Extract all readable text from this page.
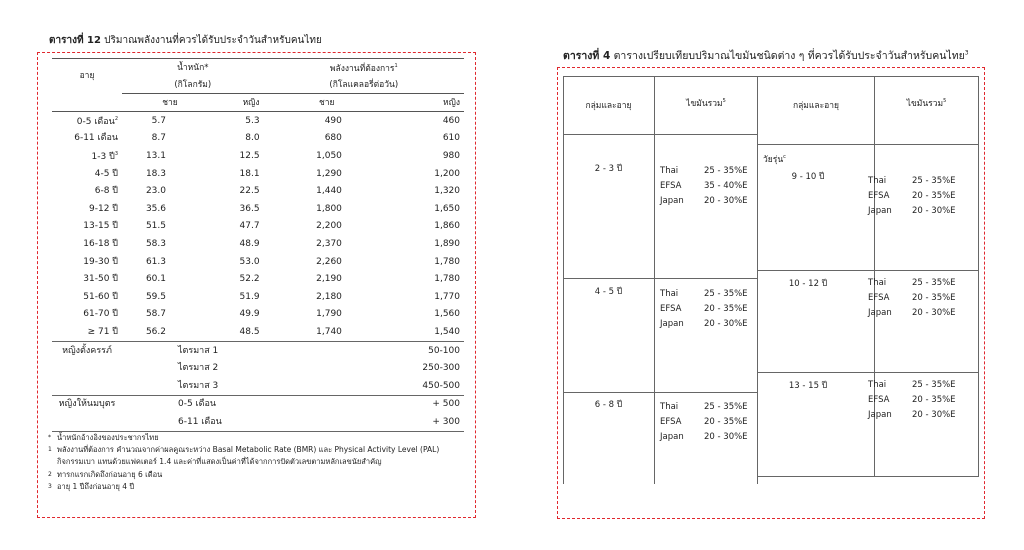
ตารางที่ 12 ปริมาณพลังงานที่ควรได้รับประจำวันสำหรับคนไทย
อายุ	น้ำหนัก*		พลังงานที่ต้องการ$^1$
	(กิโลกรัม)		(กิโลแคลอรี่ต่อวัน)	
	ชาย	หญิง	ชาย	หญิง
0-5 เดือน$^2$	5.7	5.3	490	460
6-11 เดือน	8.7	8.0	680	610
1-3 ปี$^3$	13.1	12.5	1,050	980
4-5 ปี	18.3	18.1	1,290	1,200
6-8 ปี	23.0	22.5	1,440	1,320
9-12 ปี	35.6	36.5	1,800	1,650
13-15 ปี	51.5	47.7	2,200	1,860
16-18 ปี	58.3	48.9	2,370	1,890
19-30 ปี	61.3	53.0	2,260	1,780
31-50 ปี	60.1	52.2	2,190	1,780
51-60 ปี	59.5	51.9	2,180	1,770
61-70 ปี	58.7	49.9	1,790	1,560
≥ 71 ปี	56.2	48.5	1,740	1,540
หญิงตั้งครรภ์	ไตรมาส 1			50-100
	ไตรมาส 2			250-300
	ไตรมาส 3			450-500
หญิงให้นมบุตร	0-5 เดือน			+ 500
	6-11 เดือน			+ 300
* น้ำหนักอ้างอิงของประชากรไทย
1 พลังงานที่ต้องการ คำนวณจากค่าผลคูณระหว่าง Basal Metabolic Rate (BMR) และ Physical Activity Level (PAL)
กิจกรรมเบา แทนด้วยแฟคเตอร์ 1.4 และค่าที่แสดงเป็นค่าที่ได้จากการปัดตัวเลขตามหลักเลขนัยสำคัญ
2 ทารกแรกเกิดถึงก่อนอายุ 6 เดือน
3 อายุ 1 ปีถึงก่อนอายุ 4 ปี
ตารางที่ 4 ตารางเปรียบเทียบปริมาณไขมันชนิดต่าง ๆ ที่ควรได้รับประจำวันสำหรับคนไทย$^3$
กลุ่มและอายุ	ไขมันรวม$^5$	กลุ่มและอายุ	ไขมันรวม$^5$
วัยรุ่น$^c$
2 - 3 ปี	Thai	25 - 35%E
EFSA	35 - 40%E
Japan	20 - 30%E
4 - 5 ปี	Thai	25 - 35%E
EFSA	20 - 35%E
Japan	20 - 30%E
6 - 8 ปี	Thai	25 - 35%E
EFSA	20 - 35%E
Japan	20 - 30%E
9 - 10 ปี	Thai	25 - 35%E
EFSA	20 - 35%E
Japan	20 - 30%E
10 - 12 ปี	Thai	25 - 35%E
EFSA	20 - 35%E
Japan	20 - 30%E
13 - 15 ปี	Thai	25 - 35%E
EFSA	20 - 35%E
Japan	20 - 30%E
